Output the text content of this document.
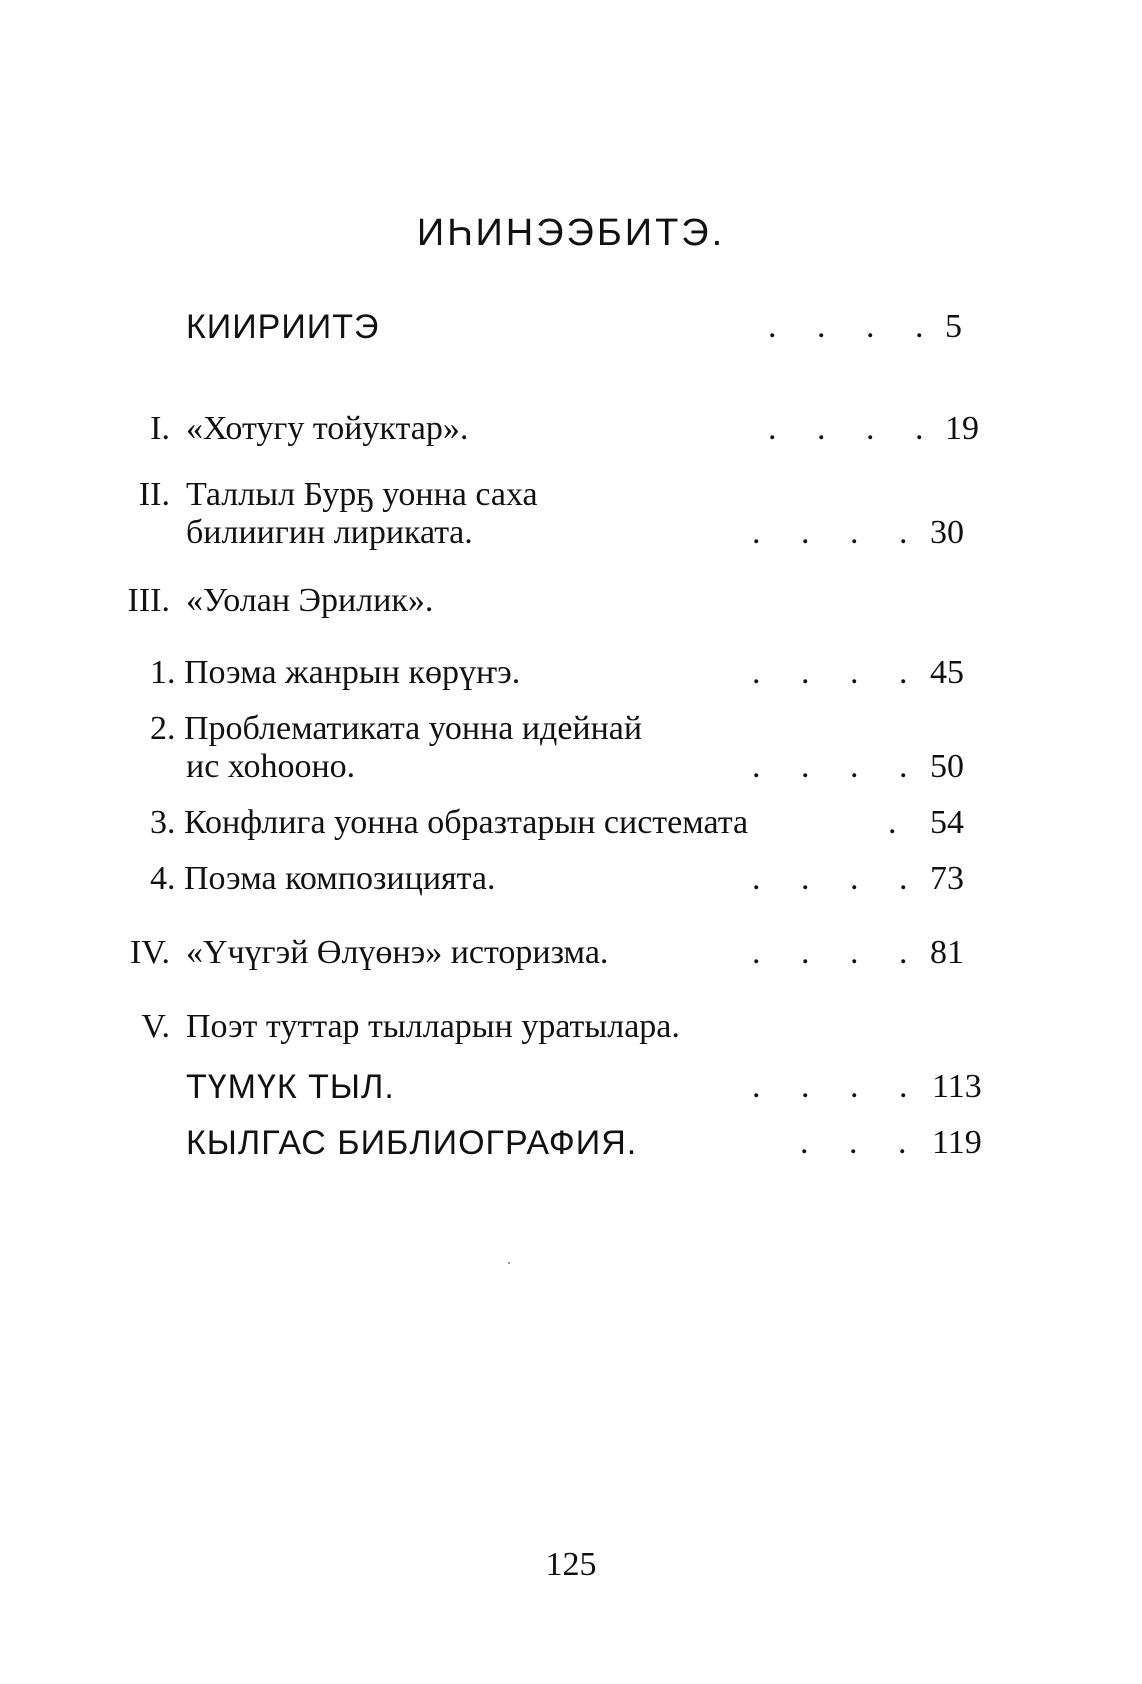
ИҺИНЭЭБИТЭ.
КИИРИИТЭ	. . . . 5
I. «Хотугу тойуктар».	. . . . 19
II. Таллыл Бурҕ уонна саха
билиигин лирикатa.	. . . . 30
III. «Уолан Эрилик».
1. Поэма жанрын көрүҥэ.	. . . . 45
2. Проблематиката уонна идейнай
ис хоһооно.	. . . . 50
3. Конфлигa уонна образтарын системата	. 54
4. Поэма композицията.	. . . . 73
IV. «Үчүгэй Өлүөнэ» историзма.	. . . . 81
V. Поэт туттар тылларын уратылара.
ТҮМҮК ТЫЛ.	. . . . 113
КЫЛГАС БИБЛИОГРАФИЯ.	. . . 119
125
